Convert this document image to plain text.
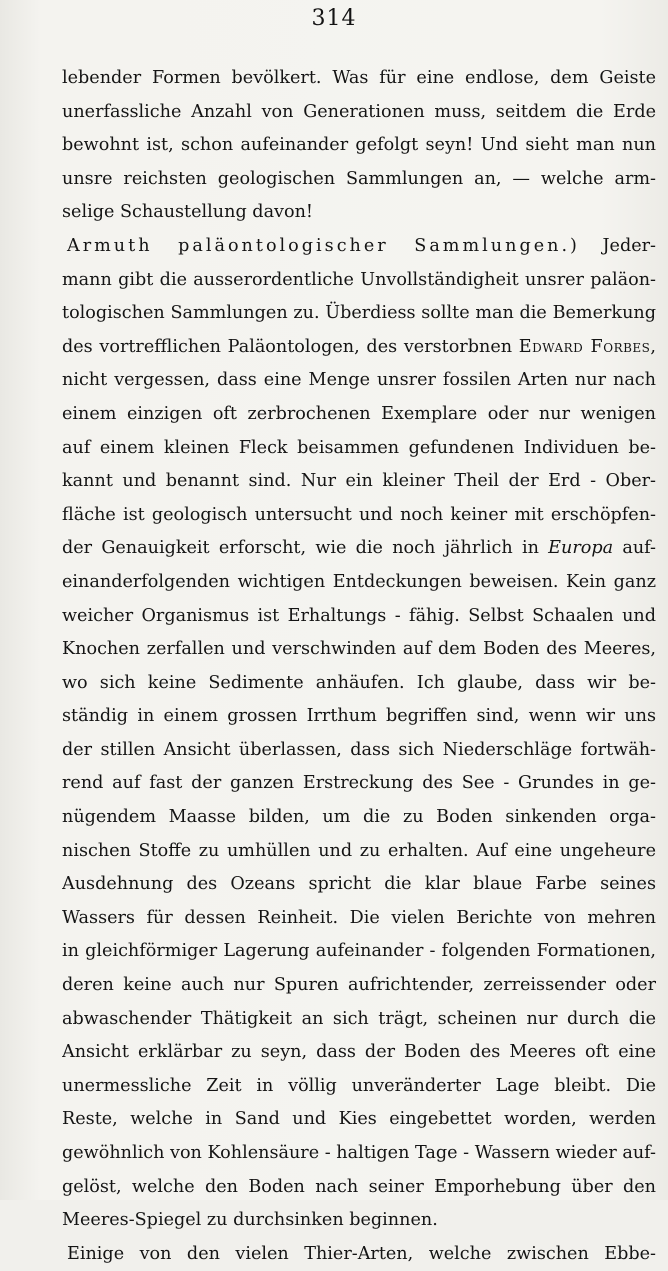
314
lebender Formen bevölkert. Was für eine endlose, dem Geiste
unerfassliche Anzahl von Generationen muss, seitdem die Erde
bewohnt ist, schon aufeinander gefolgt seyn! Und sieht man nun
unsre reichsten geologischen Sammlungen an, — welche arm-
selige Schaustellung davon!
Armuth paläontologischer Sammlungen.) Jeder-
mann gibt die ausserordentliche Unvollständigheit unsrer paläon-
tologischen Sammlungen zu. Überdiess sollte man die Bemerkung
des vortrefflichen Paläontologen, des verstorbnen Edward Forbes,
nicht vergessen, dass eine Menge unsrer fossilen Arten nur nach
einem einzigen oft zerbrochenen Exemplare oder nur wenigen
auf einem kleinen Fleck beisammen gefundenen Individuen be-
kannt und benannt sind. Nur ein kleiner Theil der Erd - Ober-
fläche ist geologisch untersucht und noch keiner mit erschöpfen-
der Genauigkeit erforscht, wie die noch jährlich in Europa auf-
einanderfolgenden wichtigen Entdeckungen beweisen. Kein ganz
weicher Organismus ist Erhaltungs - fähig. Selbst Schaalen und
Knochen zerfallen und verschwinden auf dem Boden des Meeres,
wo sich keine Sedimente anhäufen. Ich glaube, dass wir be-
ständig in einem grossen Irrthum begriffen sind, wenn wir uns
der stillen Ansicht überlassen, dass sich Niederschläge fortwäh-
rend auf fast der ganzen Erstreckung des See - Grundes in ge-
nügendem Maasse bilden, um die zu Boden sinkenden orga-
nischen Stoffe zu umhüllen und zu erhalten. Auf eine ungeheure
Ausdehnung des Ozeans spricht die klar blaue Farbe seines
Wassers für dessen Reinheit. Die vielen Berichte von mehren
in gleichförmiger Lagerung aufeinander - folgenden Formationen,
deren keine auch nur Spuren aufrichtender, zerreissender oder
abwaschender Thätigkeit an sich trägt, scheinen nur durch die
Ansicht erklärbar zu seyn, dass der Boden des Meeres oft eine
unermessliche Zeit in völlig unveränderter Lage bleibt. Die
Reste, welche in Sand und Kies eingebettet worden, werden
gewöhnlich von Kohlensäure - haltigen Tage - Wassern wieder auf-
gelöst, welche den Boden nach seiner Emporhebung über den
Meeres-Spiegel zu durchsinken beginnen.
Einige von den vielen Thier-Arten, welche zwischen Ebbe-
